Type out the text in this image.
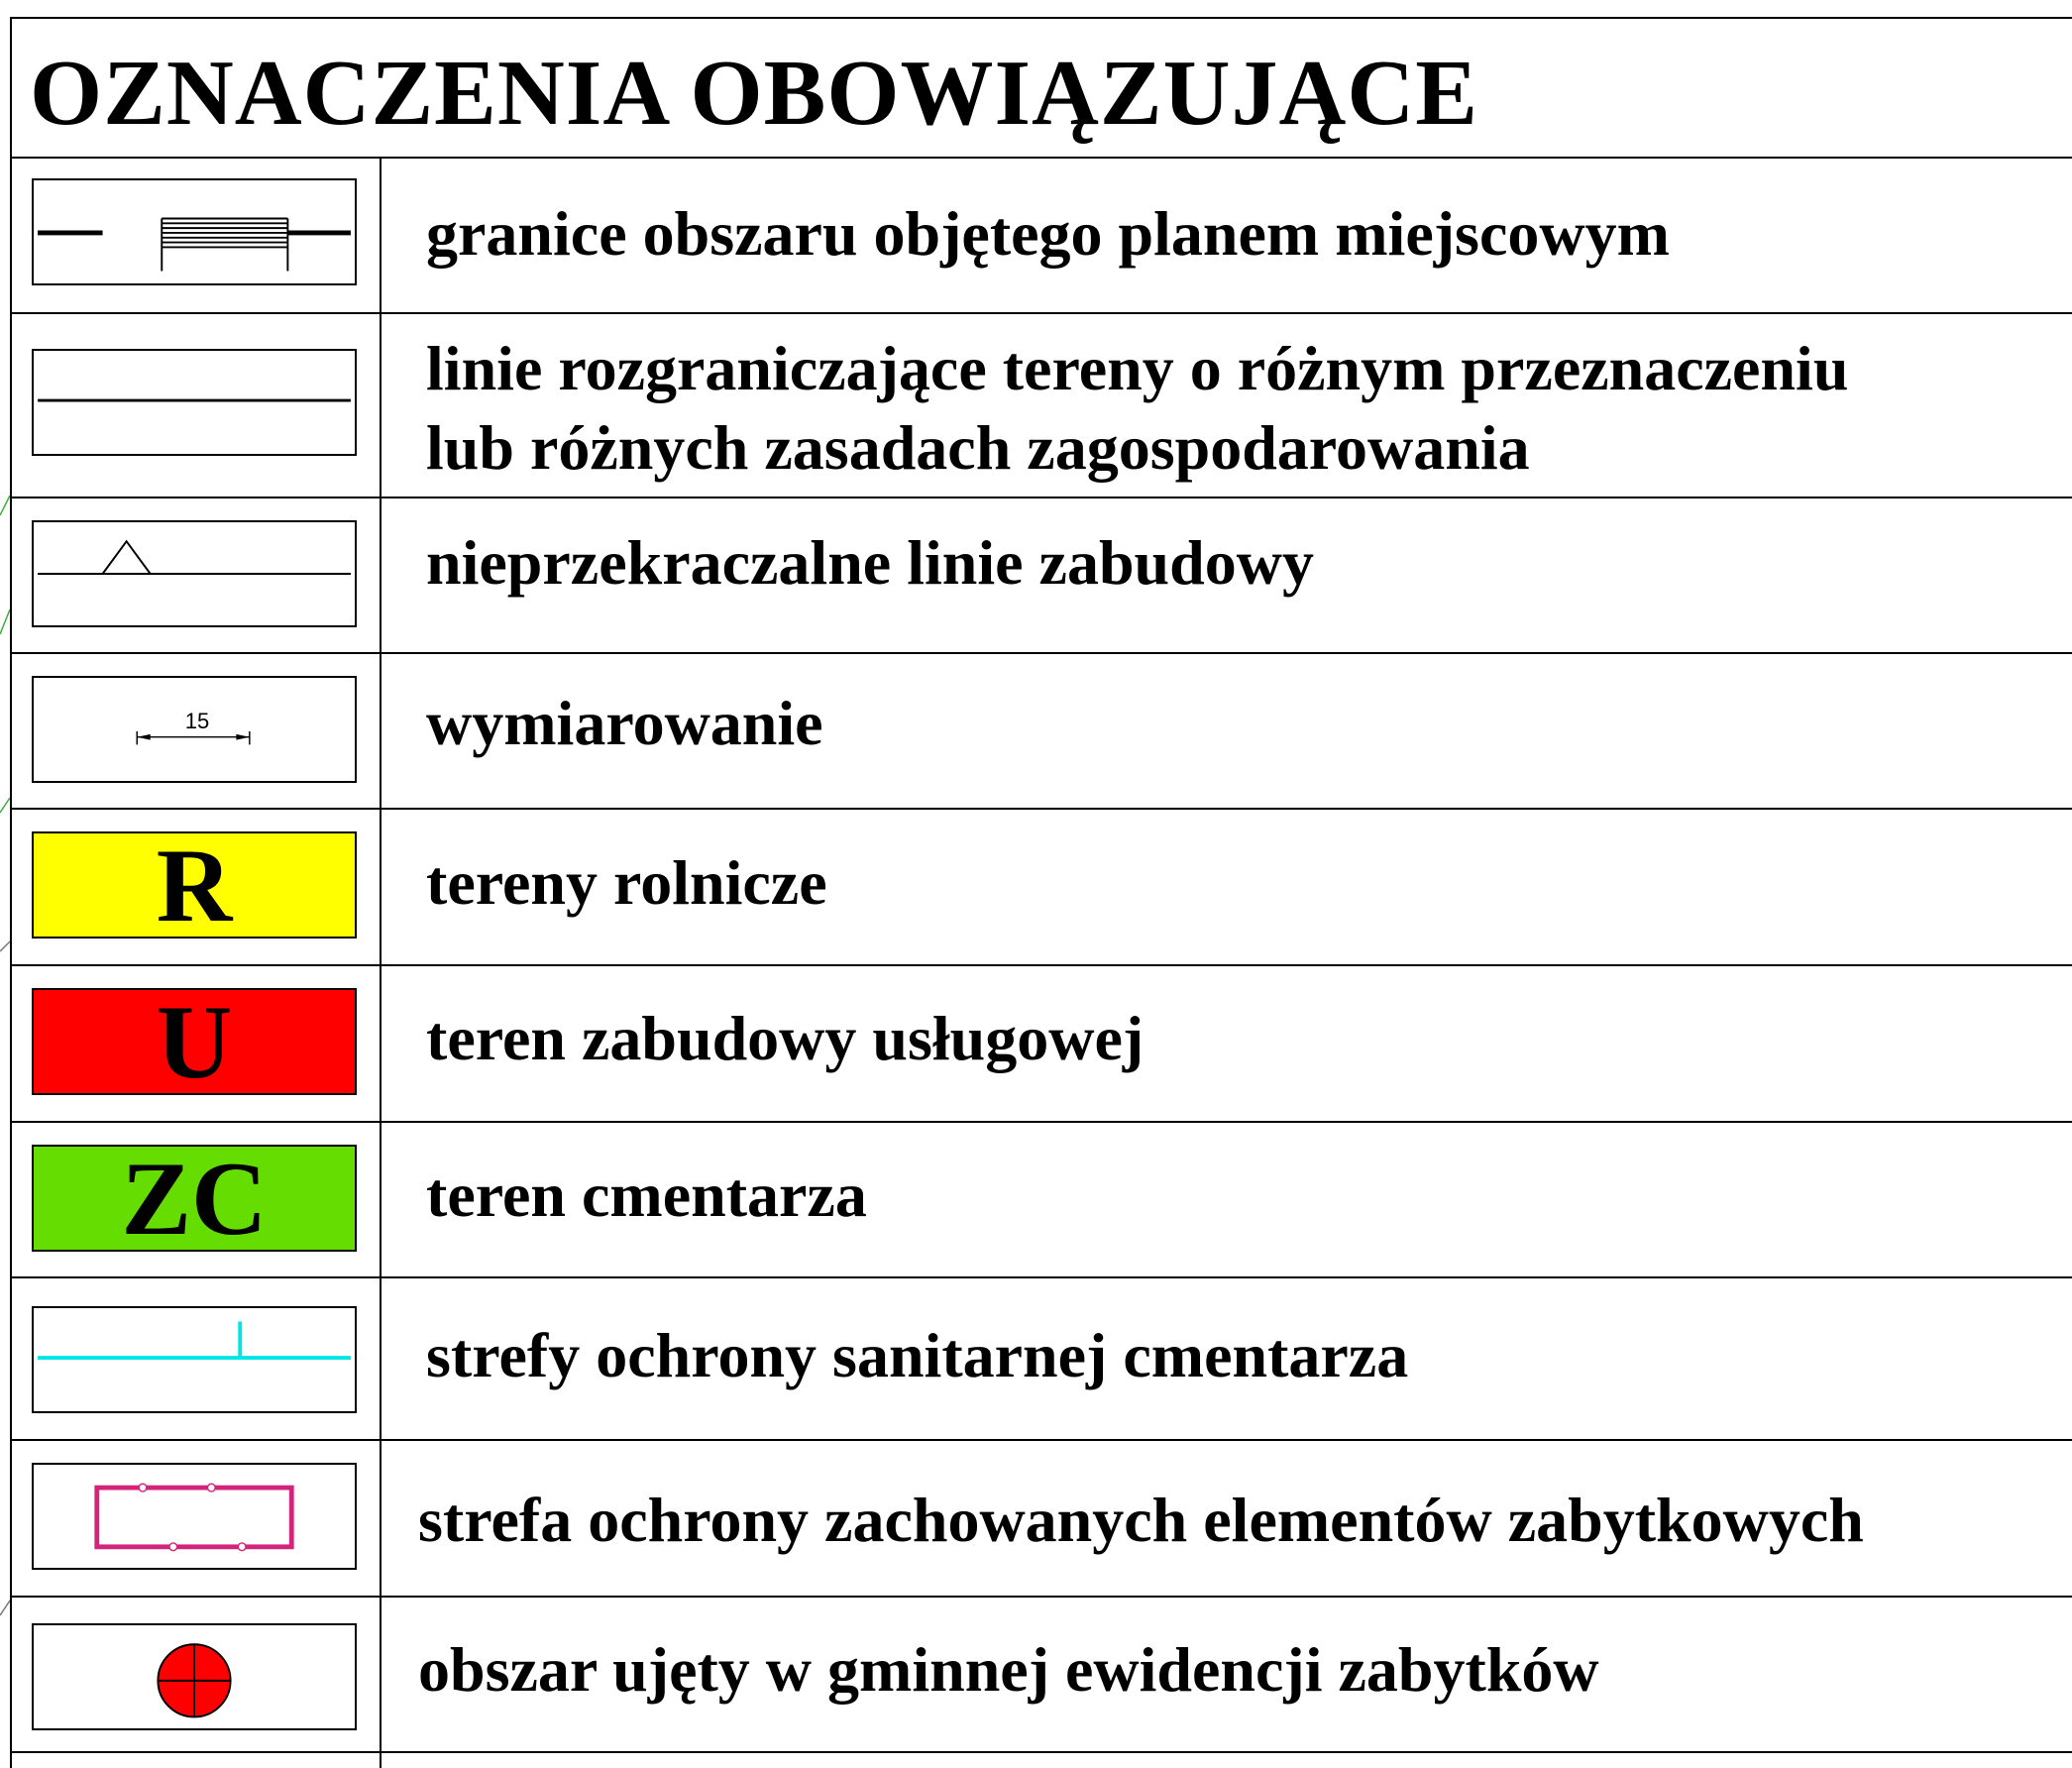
OZNACZENIA OBOWIĄZUJĄCE
granice obszaru objętego planem miejscowym
linie rozgraniczające tereny o różnym przeznaczeniu
lub różnych zasadach zagospodarowania
nieprzekraczalne linie zabudowy
15	wymiarowanie
R	tereny rolnicze
U	teren zabudowy usługowej
ZC	teren cmentarza
strefy ochrony sanitarnej cmentarza
strefa ochrony zachowanych elementów zabytkowych
obszar ujęty w gminnej ewidencji zabytków
